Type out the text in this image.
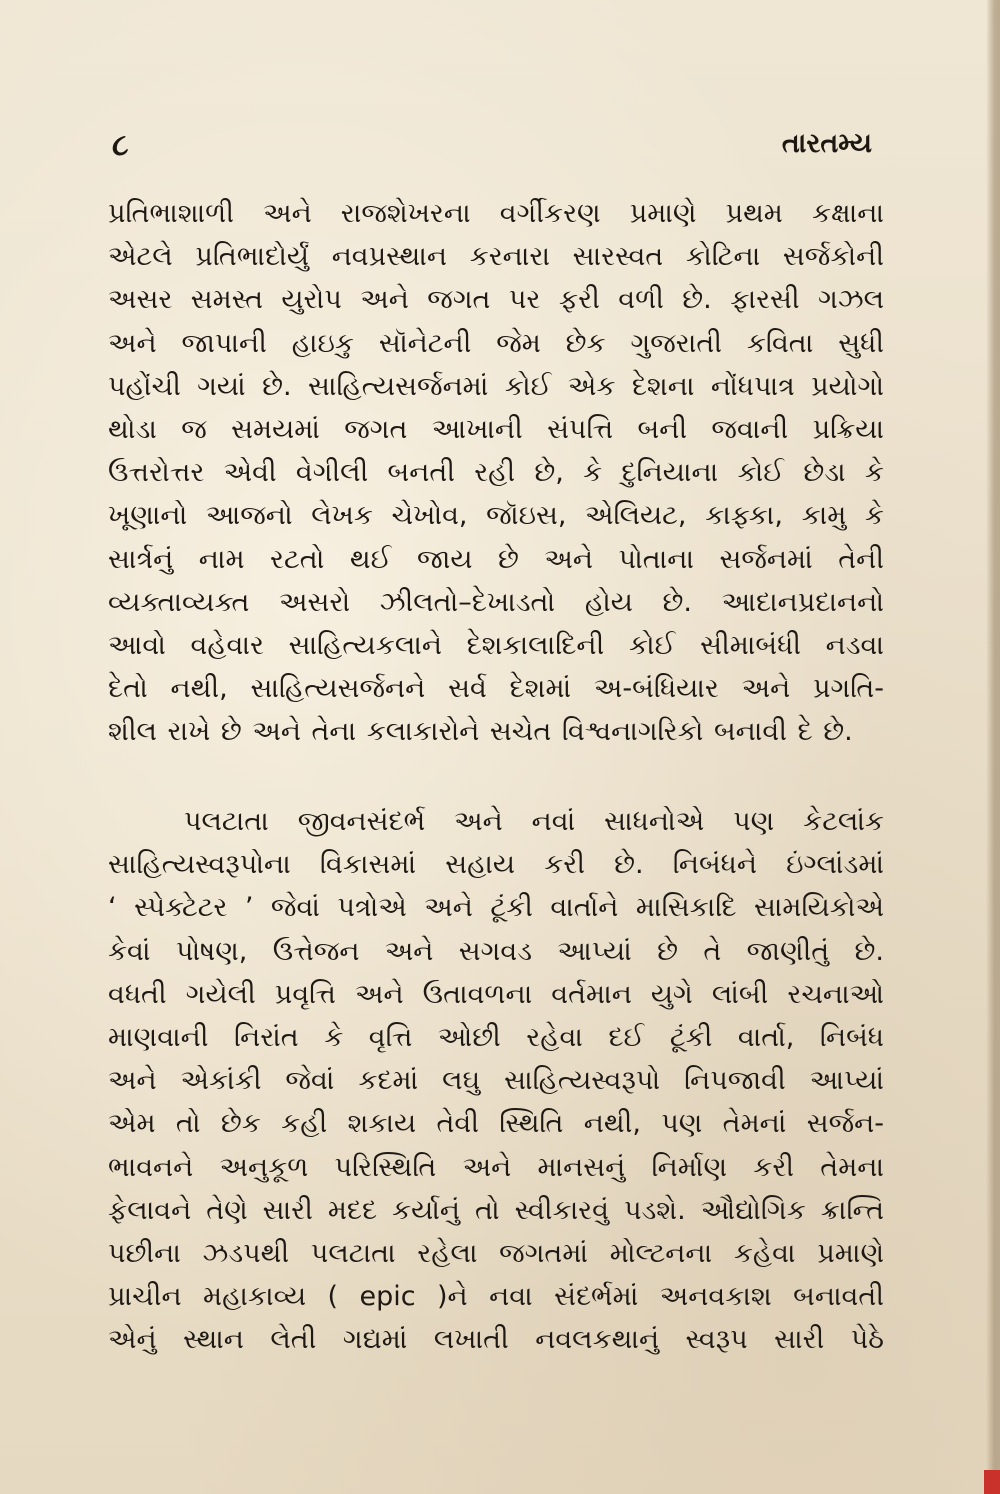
૮	તારતમ્ય
પ્રતિભાશાળી અને રાજશેખરના વર્ગીકરણ પ્રમાણે પ્રથમ કક્ષાના
એટલે પ્રતિભાદોર્યું નવપ્રસ્થાન કરનારા સારસ્વત કોટિના સર્જકોની
અસર સમસ્ત યુરોપ અને જગત પર ફરી વળી છે. ફારસી ગઝલ
અને જાપાની હાઇકુ સૉનેટની જેમ છેક ગુજરાતી કવિતા સુધી
પહોંચી ગયાં છે. સાહિત્યસર્જનમાં કોઈ એક દેશના નોંધપાત્ર પ્રયોગો
થોડા જ સમયમાં જગત આખાની સંપત્તિ બની જવાની પ્રક્રિયા
ઉત્તરોત્તર એવી વેગીલી બનતી રહી છે, કે દુનિયાના કોઈ છેડા કે
ખૂણાનો આજનો લેખક ચેખોવ, જૉઇસ, એલિયટ, કાફ્કા, કામુ કે
સાર્ત્રનું નામ રટતો થઈ જાય છે અને પોતાના સર્જનમાં તેની
વ્યક્તાવ્યક્ત અસરો ઝીલતો–દેખાડતો હોય છે. આદાનપ્રદાનનો
આવો વહેવાર સાહિત્યકલાને દેશકાલાદિની કોઈ સીમાબંધી નડવા
દેતો નથી, સાહિત્યસર્જનને સર્વ દેશમાં અ-બંધિયાર અને પ્રગતિ-
શીલ રાખે છે અને તેના કલાકારોને સચેત વિશ્વનાગરિકો બનાવી દે છે.
પલટાતા જીવનસંદર્ભ અને નવાં સાધનોએ પણ કેટલાંક
સાહિત્યસ્વરૂપોના વિકાસમાં સહાય કરી છે. નિબંધને ઇંગ્લાંડમાં
‘ સ્પેક્ટેટર ’ જેવાં પત્રોએ અને ટૂંકી વાર્તાને માસિકાદિ સામયિકોએ
કેવાં પોષણ, ઉત્તેજન અને સગવડ આપ્યાં છે તે જાણીતું છે.
વધતી ગયેલી પ્રવૃત્તિ અને ઉતાવળના વર્તમાન યુગે લાંબી રચનાઓ
માણવાની નિરાંત કે વૃત્તિ ઓછી રહેવા દઈ ટૂંકી વાર્તા, નિબંધ
અને એકાંકી જેવાં કદમાં લઘુ સાહિત્યસ્વરૂપો નિપજાવી આપ્યાં
એમ તો છેક કહી શકાય તેવી સ્થિતિ નથી, પણ તેમનાં સર્જન-
ભાવનને અનુકૂળ પરિસ્થિતિ અને માનસનું નિર્માણ કરી તેમના
ફેલાવને તેણે સારી મદદ કર્યાનું તો સ્વીકારવું પડશે. ઔદ્યોગિક ક્રાન્તિ
પછીના ઝડપથી પલટાતા રહેલા જગતમાં મોલ્ટનના કહેવા પ્રમાણે
પ્રાચીન મહાકાવ્ય ( epic )ને નવા સંદર્ભમાં અનવકાશ બનાવતી
એનું સ્થાન લેતી ગદ્યમાં લખાતી નવલકથાનું સ્વરૂપ સારી પેઠે
